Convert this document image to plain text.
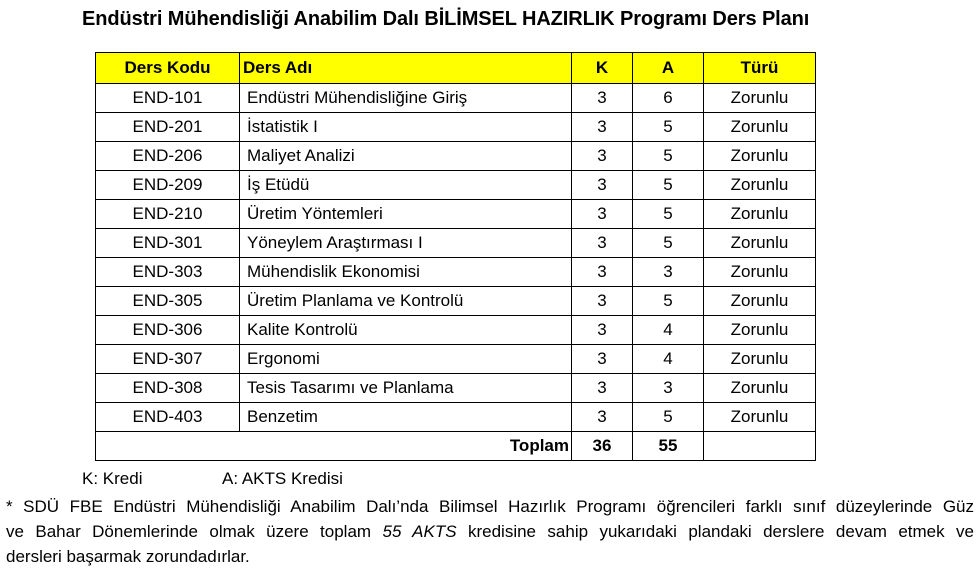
Endüstri Mühendisliği Anabilim Dalı BİLİMSEL HAZIRLIK Programı Ders Planı
Ders Kodu	Ders Adı	K	A	Türü
END-101	Endüstri Mühendisliğine Giriş	3	6	Zorunlu
END-201	İstatistik I	3	5	Zorunlu
END-206	Maliyet Analizi	3	5	Zorunlu
END-209	İş Etüdü	3	5	Zorunlu
END-210	Üretim Yöntemleri	3	5	Zorunlu
END-301	Yöneylem Araştırması I	3	5	Zorunlu
END-303	Mühendislik Ekonomisi	3	3	Zorunlu
END-305	Üretim Planlama ve Kontrolü	3	5	Zorunlu
END-306	Kalite Kontrolü	3	4	Zorunlu
END-307	Ergonomi	3	4	Zorunlu
END-308	Tesis Tasarımı ve Planlama	3	3	Zorunlu
END-403	Benzetim	3	5	Zorunlu
Toplam		36	55	
K: Kredi	A: AKTS Kredisi
* SDÜ FBE Endüstri Mühendisliği Anabilim Dalı’nda Bilimsel Hazırlık Programı öğrencileri farklı sınıf düzeylerinde Güz
ve Bahar Dönemlerinde olmak üzere toplam 55 AKTS kredisine sahip yukarıdaki plandaki derslere devam etmek ve
dersleri başarmak zorundadırlar.
